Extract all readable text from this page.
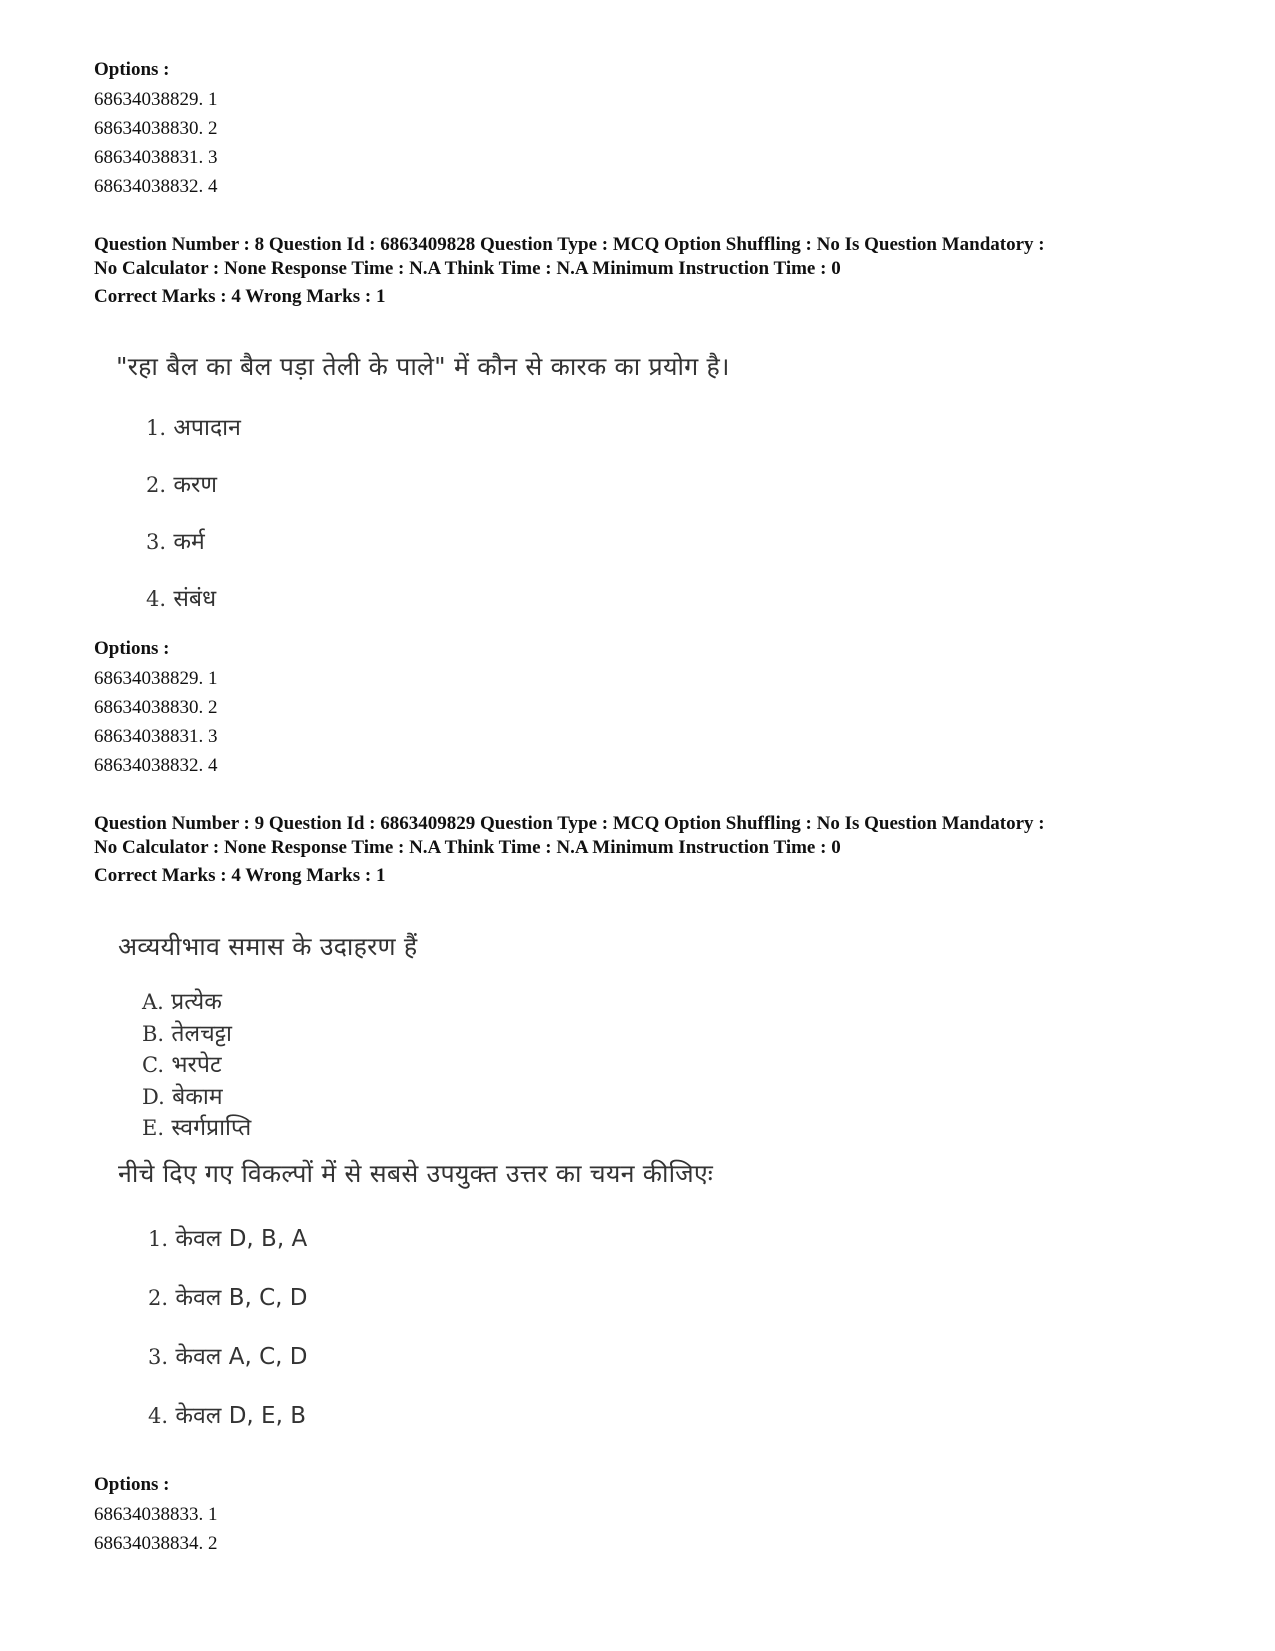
Options :

68634038829. 1

68634038830. 2

68634038831. 3

68634038832. 4

Question Number : 8 Question Id : 6863409828 Question Type : MCQ Option Shuffling : No Is Question Mandatory :

No Calculator : None Response Time : N.A Think Time : N.A Minimum Instruction Time : 0

Correct Marks : 4 Wrong Marks : 1

"रहा बैल का बैल पड़ा तेली के पाले" में कौन से कारक का प्रयोग है।

1. अपादान

2. करण

3. कर्म

4. संबंध

Options :

68634038829. 1

68634038830. 2

68634038831. 3

68634038832. 4

Question Number : 9 Question Id : 6863409829 Question Type : MCQ Option Shuffling : No Is Question Mandatory :

No Calculator : None Response Time : N.A Think Time : N.A Minimum Instruction Time : 0

Correct Marks : 4 Wrong Marks : 1

अव्ययीभाव समास के उदाहरण हैं

A. प्रत्येक

B. तेलचट्टा

C. भरपेट

D. बेकाम

E. स्वर्गप्राप्ति

नीचे दिए गए विकल्पों में से सबसे उपयुक्त उत्तर का चयन कीजिएः

1. केवल D, B, A

2. केवल B, C, D

3. केवल A, C, D

4. केवल D, E, B

Options :

68634038833. 1

68634038834. 2
